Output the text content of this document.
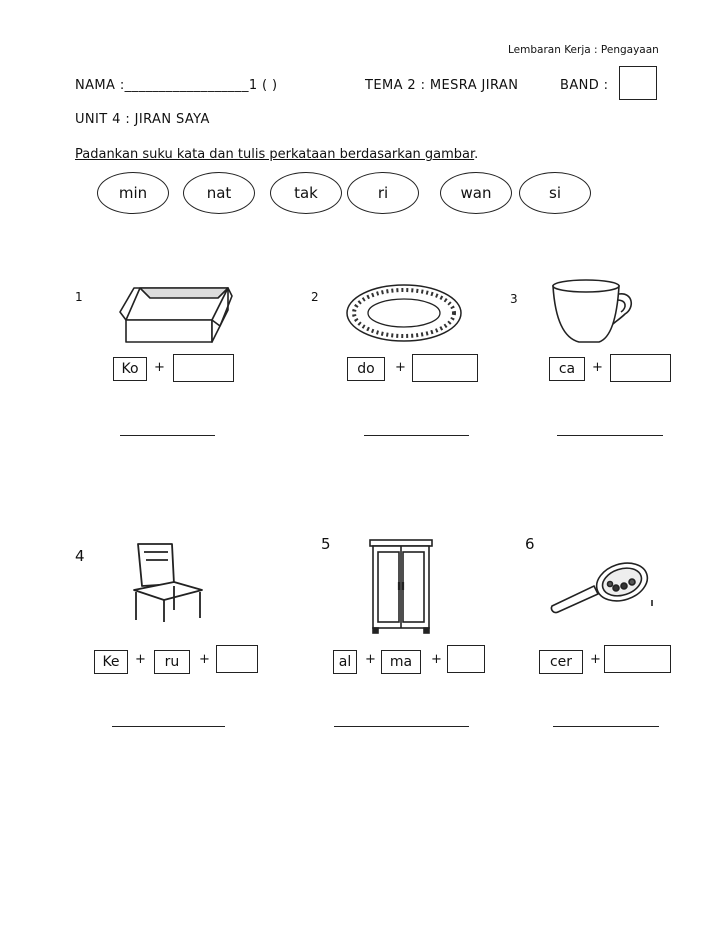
Lembaran Kerja : Pengayaan
NAMA :__________________1 ( )	TEMA 2 : MESRA JIRAN	BAND :
UNIT 4 : JIRAN SAYA
Padankan suku kata dan tulis perkataan berdasarkan gambar.
min	nat	tak	ri	wan	si
1
Ko	+
2
do	+
3
ca	+
4
Ke	+	ru	+
5
al	+ ma	+
6
cer	+
